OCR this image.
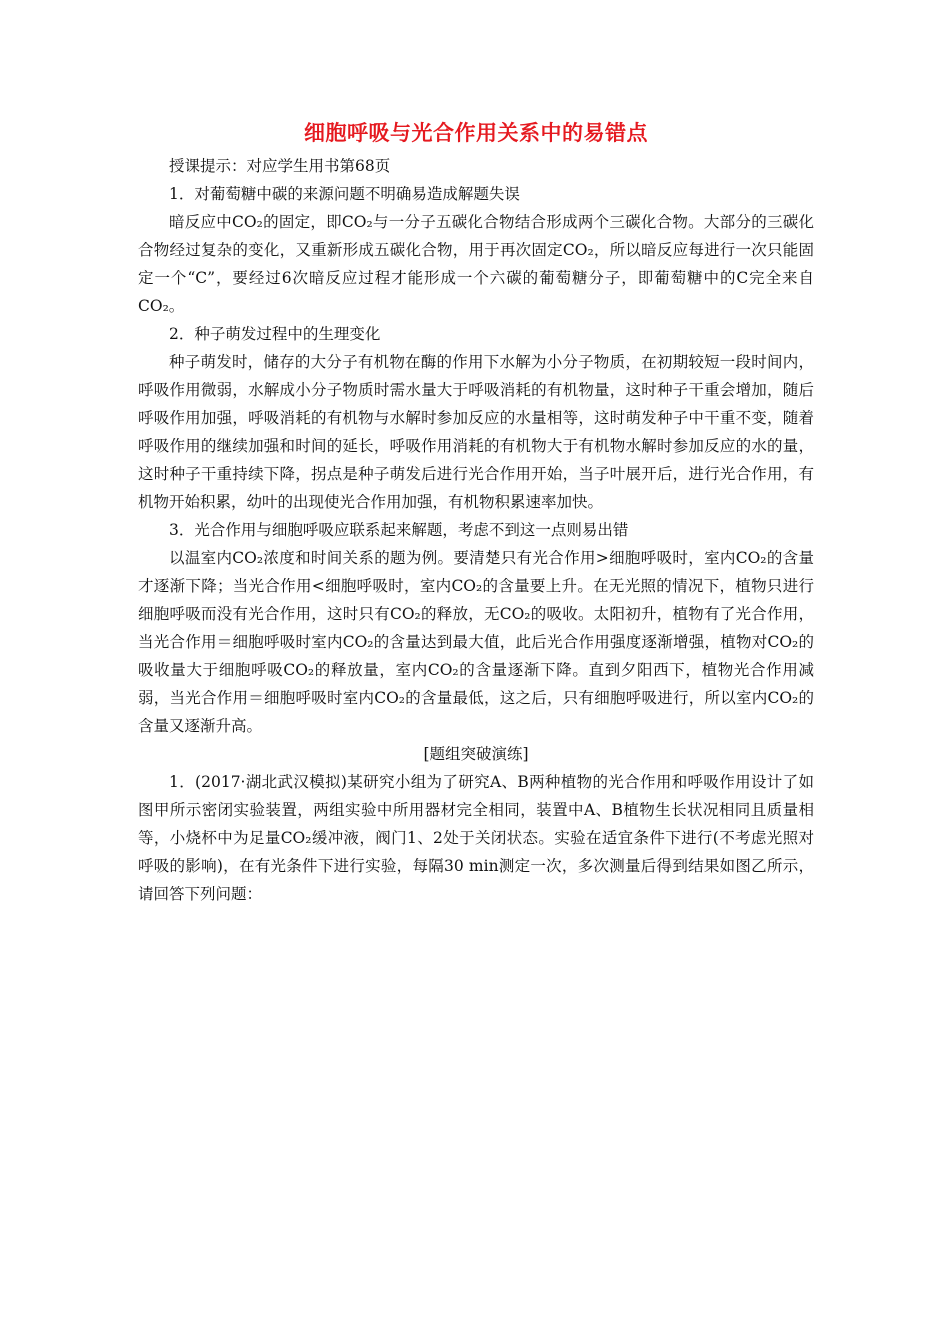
细胞呼吸与光合作用关系中的易错点

授课提示：对应学生用书第68页

1．对葡萄糖中碳的来源问题不明确易造成解题失误

暗反应中CO₂的固定，即CO₂与一分子五碳化合物结合形成两个三碳化合物。大部分的三碳化合物经过复杂的变化，又重新形成五碳化合物，用于再次固定CO₂，所以暗反应每进行一次只能固定一个“C”，要经过6次暗反应过程才能形成一个六碳的葡萄糖分子，即葡萄糖中的C完全来自CO₂。

2．种子萌发过程中的生理变化

种子萌发时，储存的大分子有机物在酶的作用下水解为小分子物质，在初期较短一段时间内，呼吸作用微弱，水解成小分子物质时需水量大于呼吸消耗的有机物量，这时种子干重会增加，随后呼吸作用加强，呼吸消耗的有机物与水解时参加反应的水量相等，这时萌发种子中干重不变，随着呼吸作用的继续加强和时间的延长，呼吸作用消耗的有机物大于有机物水解时参加反应的水的量，这时种子干重持续下降，拐点是种子萌发后进行光合作用开始，当子叶展开后，进行光合作用，有机物开始积累，幼叶的出现使光合作用加强，有机物积累速率加快。

3．光合作用与细胞呼吸应联系起来解题，考虑不到这一点则易出错

以温室内CO₂浓度和时间关系的题为例。要清楚只有光合作用>细胞呼吸时，室内CO₂的含量才逐渐下降；当光合作用<细胞呼吸时，室内CO₂的含量要上升。在无光照的情况下，植物只进行细胞呼吸而没有光合作用，这时只有CO₂的释放，无CO₂的吸收。太阳初升，植物有了光合作用，当光合作用＝细胞呼吸时室内CO₂的含量达到最大值，此后光合作用强度逐渐增强，植物对CO₂的吸收量大于细胞呼吸CO₂的释放量，室内CO₂的含量逐渐下降。直到夕阳西下，植物光合作用减弱，当光合作用＝细胞呼吸时室内CO₂的含量最低，这之后，只有细胞呼吸进行，所以室内CO₂的含量又逐渐升高。

[题组突破演练]

1．(2017·湖北武汉模拟)某研究小组为了研究A、B两种植物的光合作用和呼吸作用设计了如图甲所示密闭实验装置，两组实验中所用器材完全相同，装置中A、B植物生长状况相同且质量相等，小烧杯中为足量CO₂缓冲液，阀门1、2处于关闭状态。实验在适宜条件下进行(不考虑光照对呼吸的影响)，在有光条件下进行实验，每隔30 min测定一次，多次测量后得到结果如图乙所示，请回答下列问题：
